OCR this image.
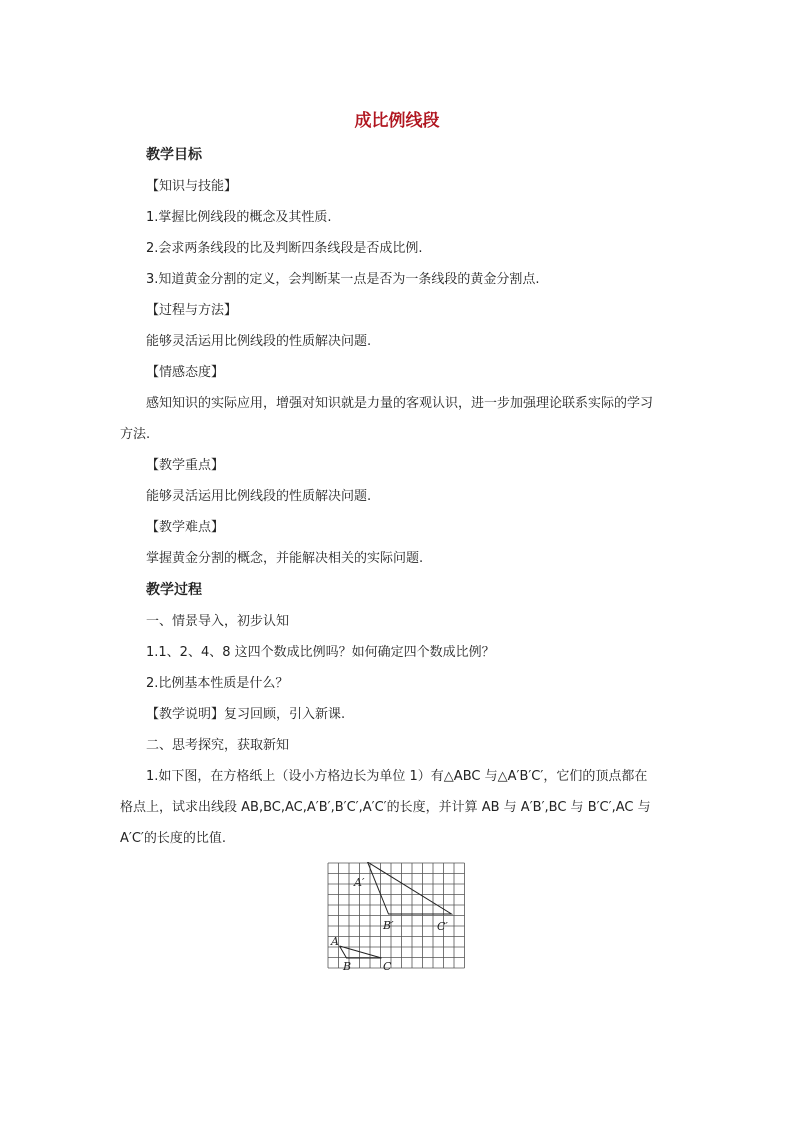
成比例线段
教学目标
【知识与技能】
1.掌握比例线段的概念及其性质.
2.会求两条线段的比及判断四条线段是否成比例.
3.知道黄金分割的定义，会判断某一点是否为一条线段的黄金分割点.
【过程与方法】
能够灵活运用比例线段的性质解决问题.
【情感态度】
感知知识的实际应用，增强对知识就是力量的客观认识，进一步加强理论联系实际的学习方法.
【教学重点】
能够灵活运用比例线段的性质解决问题.
【教学难点】
掌握黄金分割的概念，并能解决相关的实际问题.
教学过程
一、情景导入，初步认知
1.1、2、4、8 这四个数成比例吗？如何确定四个数成比例？
2.比例基本性质是什么？
【教学说明】复习回顾，引入新课.
二、思考探究，获取新知
1.如下图，在方格纸上（设小方格边长为单位 1）有△ABC 与△A′B′C′，它们的顶点都在格点上，试求出线段 AB,BC,AC,A′B′,B′C′,A′C′的长度，并计算 AB 与 A′B′,BC 与 B′C′,AC 与 A′C′的长度的比值.
A′
B′	C′
A
B	C
